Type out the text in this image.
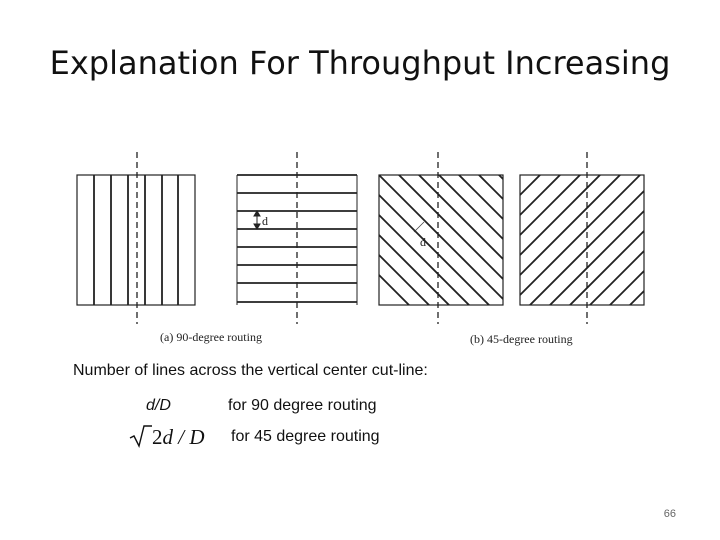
Explanation For Throughput Increasing
d
d
(a) 90-degree routing	(b) 45-degree routing
Number of lines across the vertical center cut-line:
d/D	for 90 degree routing
2d / D for 45 degree routing
66
